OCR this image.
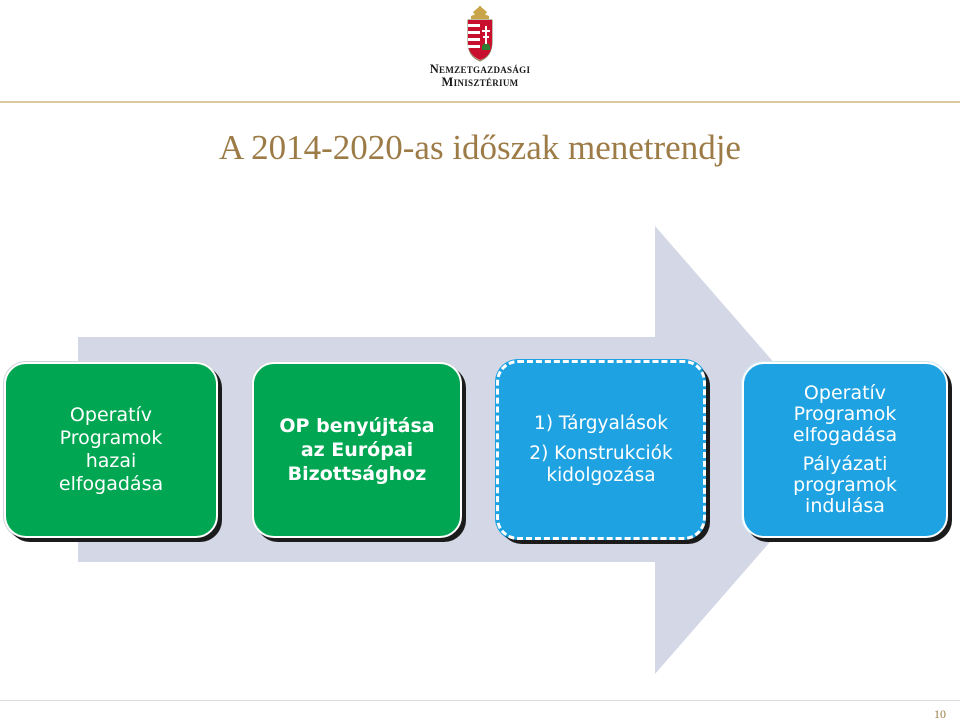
Nemzetgazdasági
Minisztérium
A 2014-2020-as időszak menetrendje
Operatív
Programok
hazai
elfogadása
OP benyújtása
az Európai
Bizottsághoz
1) Tárgyalások
2) Konstrukciók
kidolgozása
Operatív
Programok
elfogadása
Pályázati
programok
indulása
10
